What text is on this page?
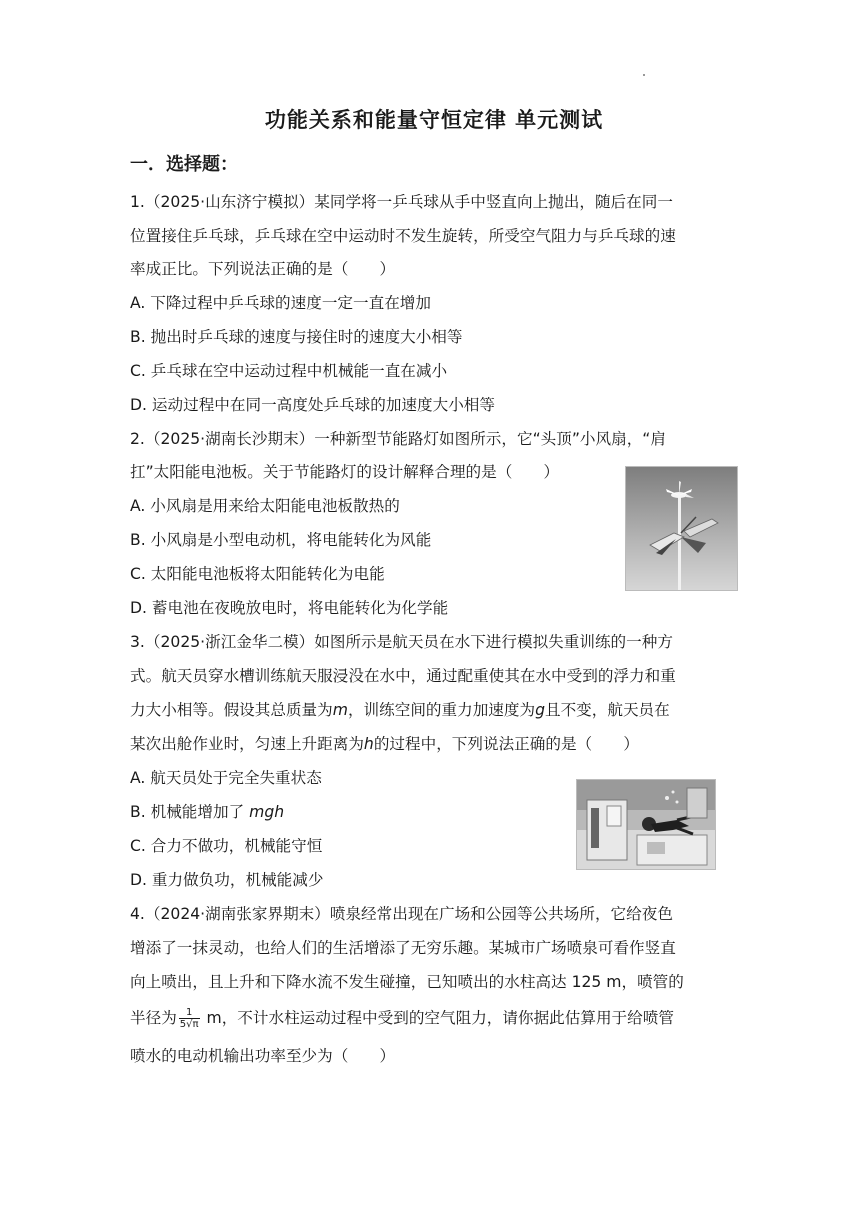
功能关系和能量守恒定律 单元测试
一．选择题：
1.（2025·山东济宁模拟）某同学将一乒乓球从手中竖直向上抛出，随后在同一
位置接住乒乓球，乒乓球在空中运动时不发生旋转，所受空气阻力与乒乓球的速
率成正比。下列说法正确的是（　　）
A. 下降过程中乒乓球的速度一定一直在增加
B. 抛出时乒乓球的速度与接住时的速度大小相等
C. 乒乓球在空中运动过程中机械能一直在减小
D. 运动过程中在同一高度处乒乓球的加速度大小相等
2.（2025·湖南长沙期末）一种新型节能路灯如图所示，它“头顶”小风扇，“肩
扛”太阳能电池板。关于节能路灯的设计解释合理的是（　　）
A. 小风扇是用来给太阳能电池板散热的
B. 小风扇是小型电动机，将电能转化为风能
C. 太阳能电池板将太阳能转化为电能
D. 蓄电池在夜晚放电时，将电能转化为化学能
3.（2025·浙江金华二模）如图所示是航天员在水下进行模拟失重训练的一种方
式。航天员穿水槽训练航天服浸没在水中，通过配重使其在水中受到的浮力和重
力大小相等。假设其总质量为m，训练空间的重力加速度为g且不变，航天员在
某次出舱作业时，匀速上升距离为h的过程中，下列说法正确的是（　　）
A. 航天员处于完全失重状态
B. 机械能增加了 mgh
C. 合力不做功，机械能守恒
D. 重力做负功，机械能减少
4.（2024·湖南张家界期末）喷泉经常出现在广场和公园等公共场所，它给夜色
增添了一抹灵动，也给人们的生活增添了无穷乐趣。某城市广场喷泉可看作竖直
向上喷出，且上升和下降水流不发生碰撞，已知喷出的水柱高达 125 m，喷管的
半径为 $\frac{1}{5√\pi}$ m，不计水柱运动过程中受到的空气阻力，请你据此估算用于给喷管
喷水的电动机输出功率至少为（　　）
